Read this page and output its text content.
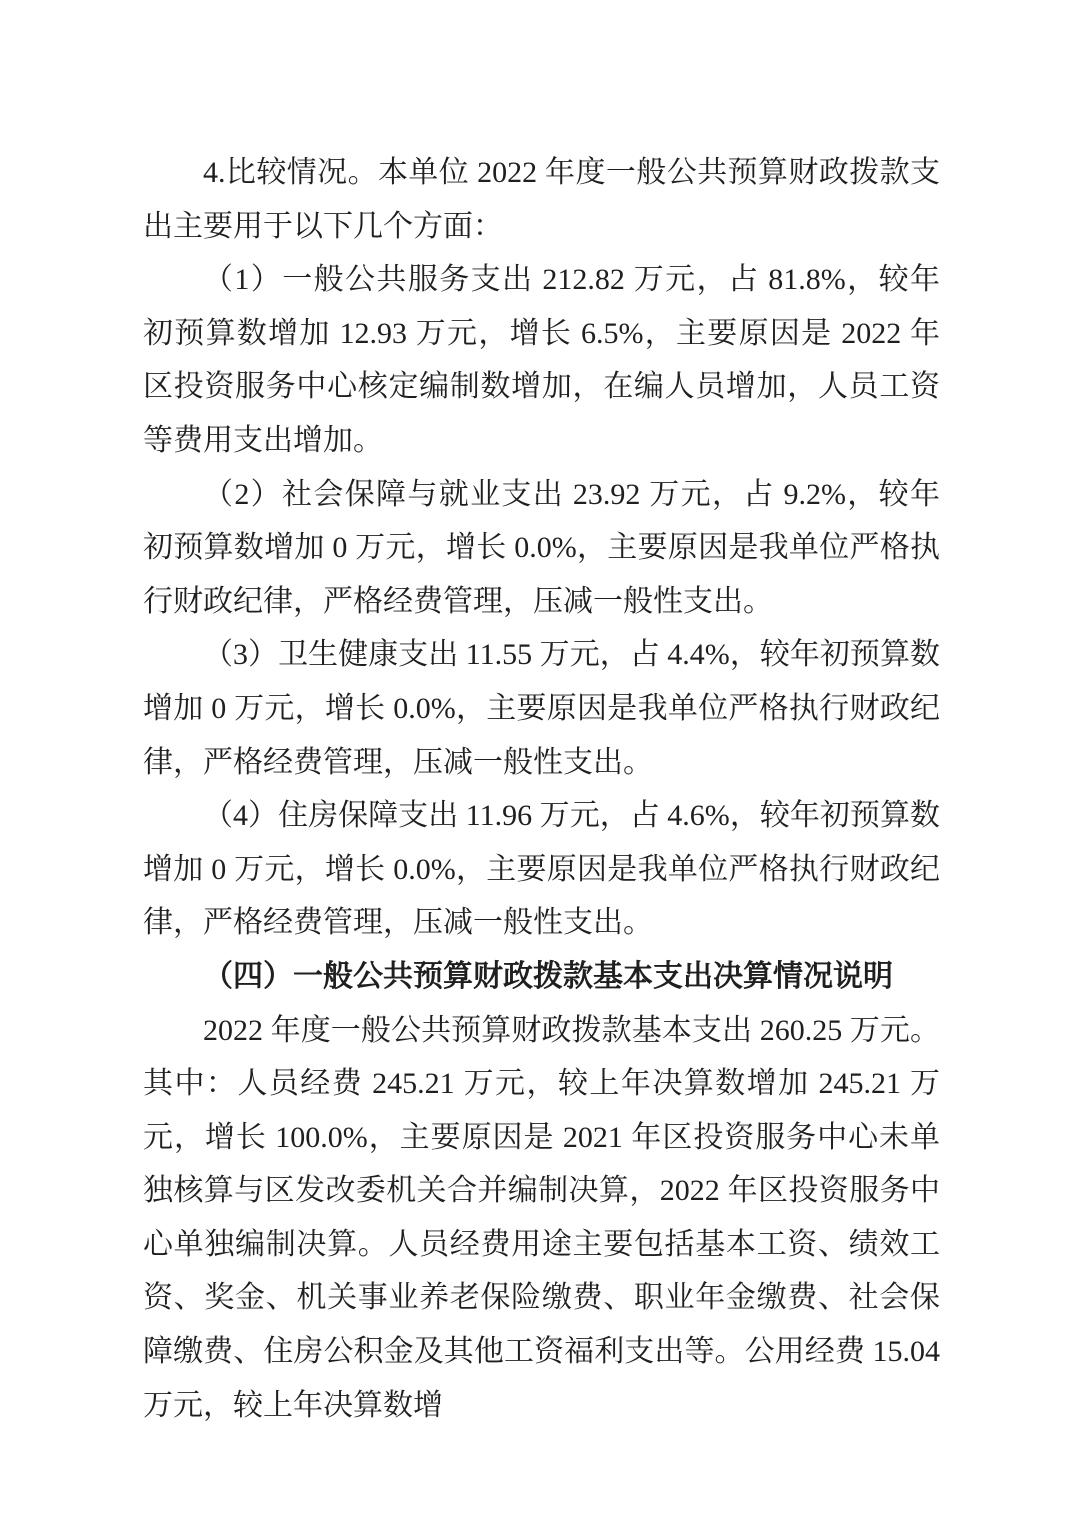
4.比较情况。本单位 2022 年度一般公共预算财政拨款支出主要用于以下几个方面：

（1）一般公共服务支出 212.82 万元，占 81.8%，较年初预算数增加 12.93 万元，增长 6.5%，主要原因是 2022 年区投资服务中心核定编制数增加，在编人员增加，人员工资等费用支出增加。

（2）社会保障与就业支出 23.92 万元，占 9.2%，较年初预算数增加 0 万元，增长 0.0%，主要原因是我单位严格执行财政纪律，严格经费管理，压减一般性支出。

（3）卫生健康支出 11.55 万元，占 4.4%，较年初预算数增加 0 万元，增长 0.0%，主要原因是我单位严格执行财政纪律，严格经费管理，压减一般性支出。

（4）住房保障支出 11.96 万元，占 4.6%，较年初预算数增加 0 万元，增长 0.0%，主要原因是我单位严格执行财政纪律，严格经费管理，压减一般性支出。

（四）一般公共预算财政拨款基本支出决算情况说明

2022 年度一般公共预算财政拨款基本支出 260.25 万元。其中：人员经费 245.21 万元，较上年决算数增加 245.21 万元，增长 100.0%，主要原因是 2021 年区投资服务中心未单独核算与区发改委机关合并编制决算，2022 年区投资服务中心单独编制决算。人员经费用途主要包括基本工资、绩效工资、奖金、机关事业养老保险缴费、职业年金缴费、社会保障缴费、住房公积金及其他工资福利支出等。公用经费 15.04 万元，较上年决算数增
